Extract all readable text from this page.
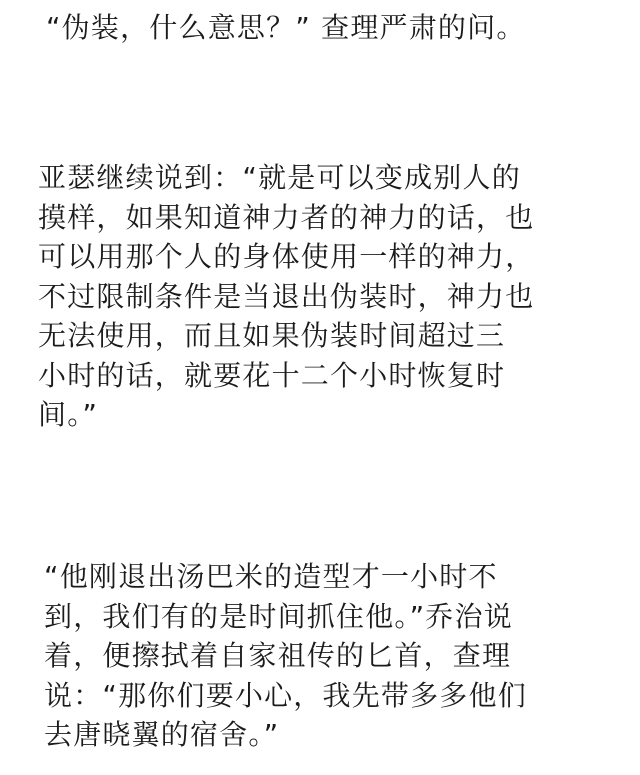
“伪装，什么意思？” 查理严肃的问。

亚瑟继续说到：“就是可以变成别人的
摸样，如果知道神力者的神力的话，也
可以用那个人的身体使用一样的神力，
不过限制条件是当退出伪装时，神力也
无法使用，而且如果伪装时间超过三
小时的话，就要花十二个小时恢复时
间。”

“他刚退出汤巴米的造型才一小时不
到，我们有的是时间抓住他。”乔治说
着，便擦拭着自家祖传的匕首，查理
说：“那你们要小心，我先带多多他们
去唐晓翼的宿舍。”
